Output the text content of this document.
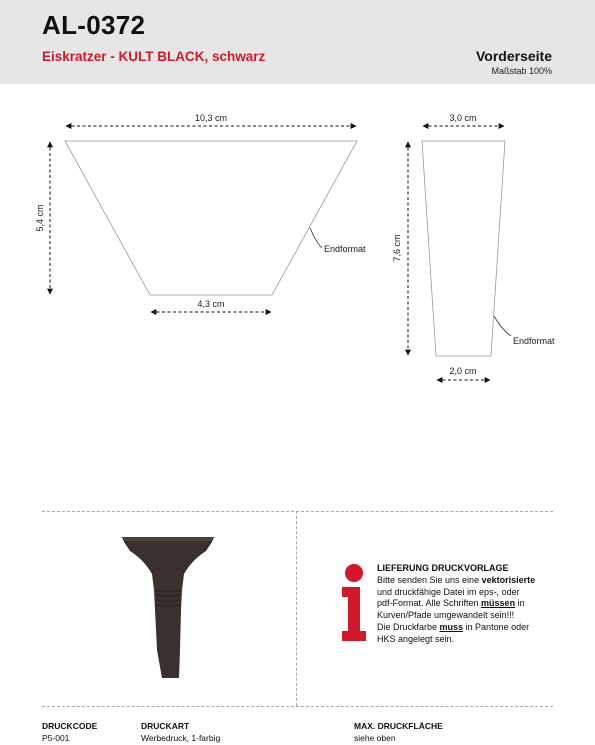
AL-0372
Eiskratzer - KULT BLACK, schwarz	Vorderseite
Maßstab 100%
10,3 cm
5,4 cm
4,3 cm
Endformat
3,0 cm
7,6 cm
2,0 cm
Endformat
LIEFERUNG DRUCKVORLAGE
Bitte senden Sie uns eine vektorisierte
und druckfähige Datei im eps-, oder
pdf-Format. Alle Schriften müssen in
Kurven/Pfade umgewandelt sein!!!
Die Druckfarbe muss in Pantone oder
HKS angelegt sein.
DRUCKCODE
P5-001
DRUCKART
Werbedruck, 1-farbig
MAX. DRUCKFLÄCHE
siehe oben
